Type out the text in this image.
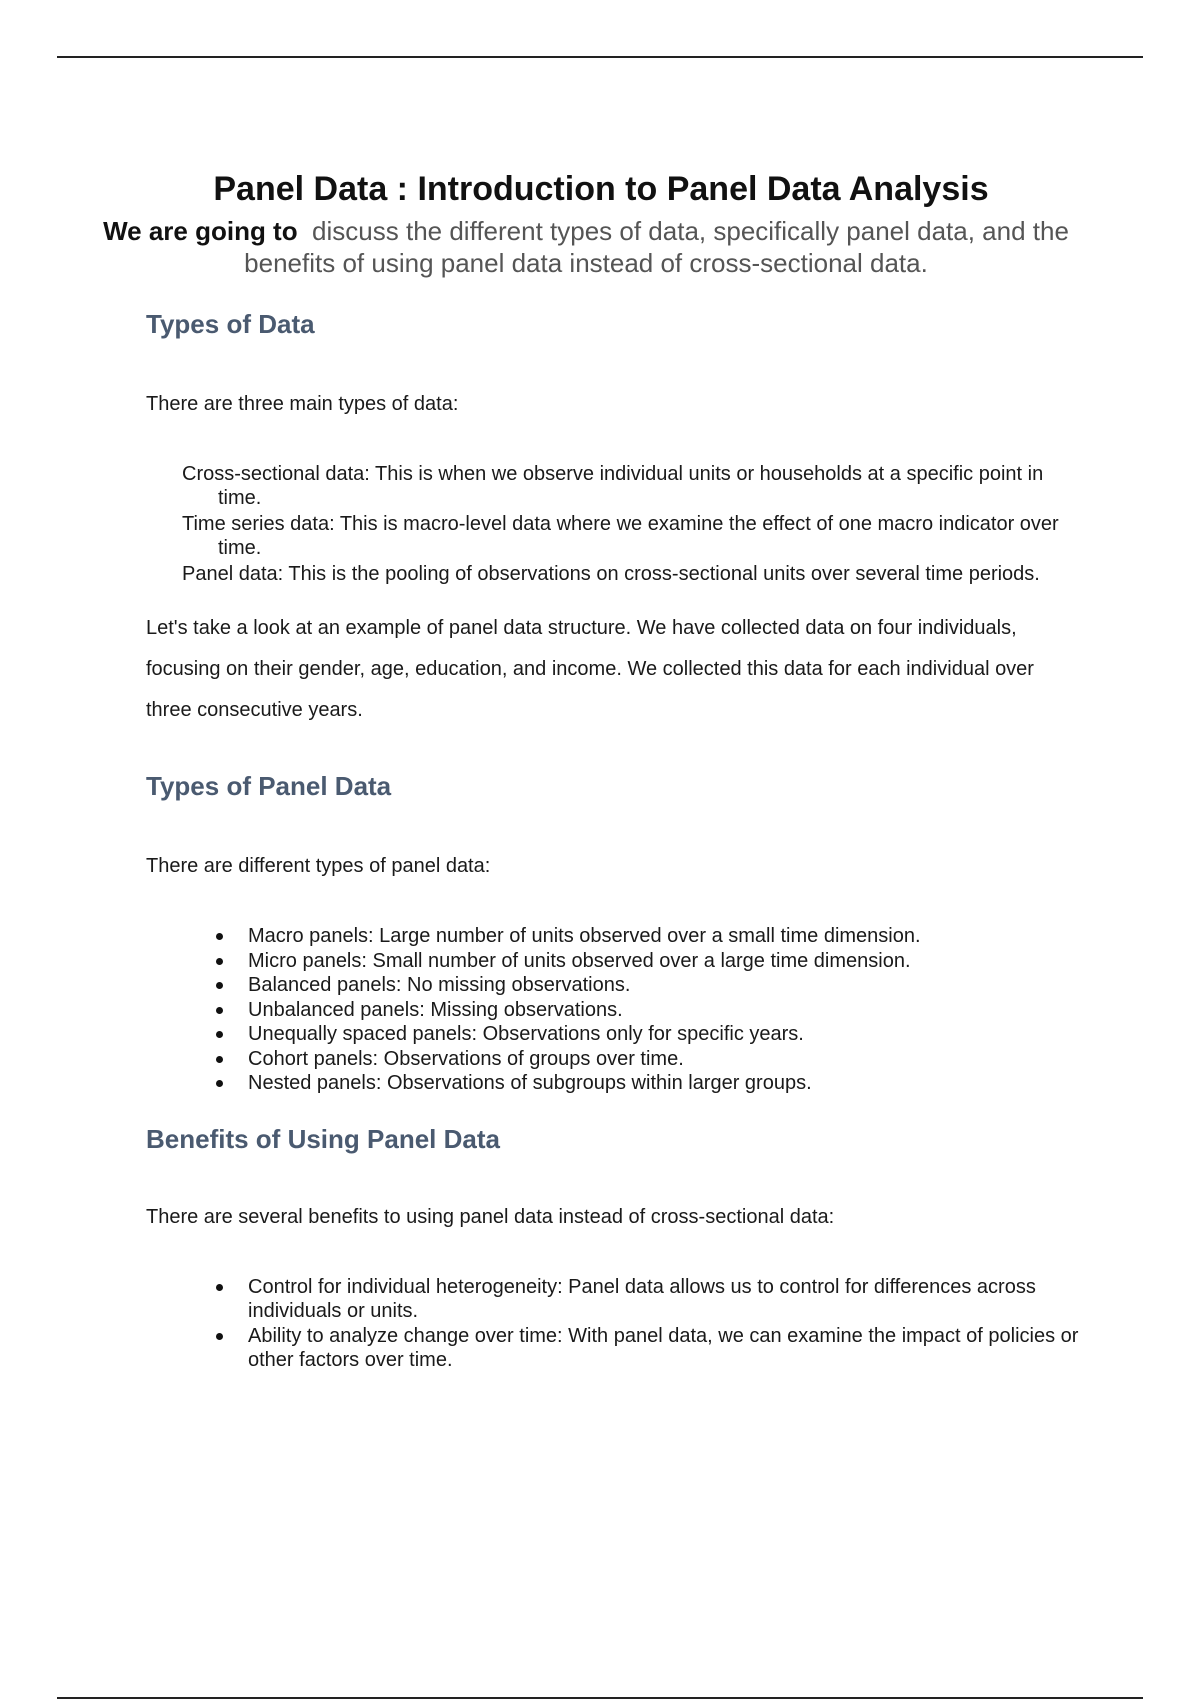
Panel Data : Introduction to Panel Data Analysis
We are going to discuss the different types of data, specifically panel data, and the benefits of using panel data instead of cross-sectional data.
Types of Data

There are three main types of data:

Cross-sectional data: This is when we observe individual units or households at a specific point in time.
Time series data: This is macro-level data where we examine the effect of one macro indicator over time.
Panel data: This is the pooling of observations on cross-sectional units over several time periods.

Let's take a look at an example of panel data structure. We have collected data on four individuals, focusing on their gender, age, education, and income. We collected this data for each individual over three consecutive years.

Types of Panel Data

There are different types of panel data:

Macro panels: Large number of units observed over a small time dimension.
Micro panels: Small number of units observed over a large time dimension.
Balanced panels: No missing observations.
Unbalanced panels: Missing observations.
Unequally spaced panels: Observations only for specific years.
Cohort panels: Observations of groups over time.
Nested panels: Observations of subgroups within larger groups.
Benefits of Using Panel Data

There are several benefits to using panel data instead of cross-sectional data:

Control for individual heterogeneity: Panel data allows us to control for differences across individuals or units.
Ability to analyze change over time: With panel data, we can examine the impact of policies or other factors over time.
